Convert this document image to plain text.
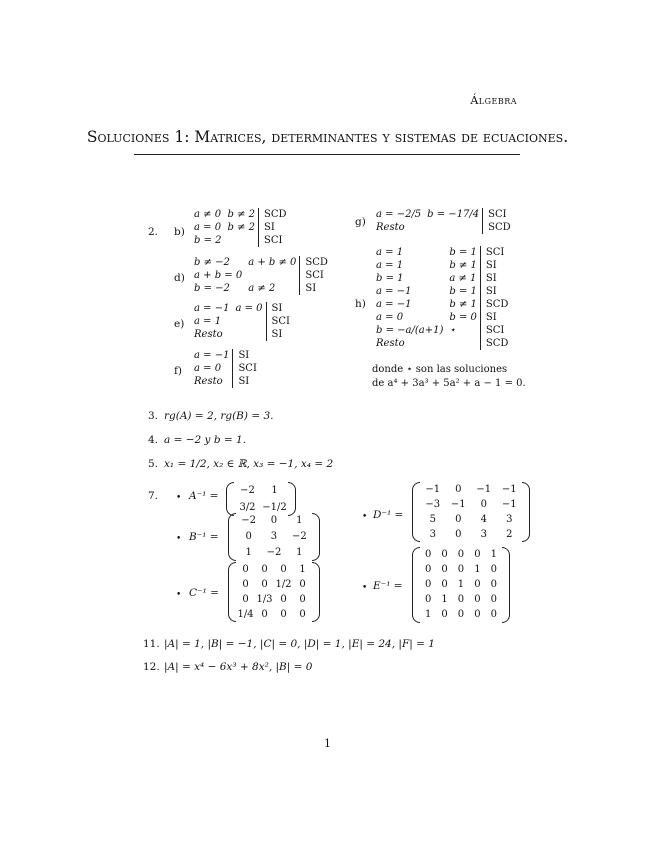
Álgebra
Soluciones 1: Matrices, determinantes y sistemas de ecuaciones.
2. b)
a ≠ 0	b ≠ 2	SCD
a = 0	b ≠ 2	SI
b = 2		SCI
d)
b ≠ −2	a + b ≠ 0	SCD
a + b = 0		SCI
b = −2	a ≠ 2	SI
e)
a = −1	a = 0	SI
a = 1		SCI
Resto		SI
f)
a = −1	SI
a = 0	SCI
Resto	SI
g)
a = −2/5	b = −17/4	SCI
Resto		SCD
h)
a = 1	b = 1	SCI
a = 1	b ≠ 1	SI
b = 1	a ≠ 1	SI
a = −1	b = 1	SI
a = −1	b ≠ 1	SCD
a = 0	b = 0	SI
b = −a/(a+1)	⋆	SCI
Resto		SCD
donde ⋆ son las soluciones
de a⁴ + 3a³ + 5a² + a − 1 = 0.
3. rg(A) = 2, rg(B) = 3.
4. a = −2 y b = 1.
5. x₁ = 1/2, x₂ ∈ ℝ, x₃ = −1, x₄ = 2
7. • A⁻¹ =	−2	1
3/2 −1/2
• B⁻¹ =
−2	0	1
0	3	−2
1	−2	1
• C⁻¹ =
0	0	0	1
0	0 1/2 0
0 1/3 0	0
1/4 0	0	0
• D⁻¹ =
−1	0	−1	−1
−3	−1	0	−1
5	0	4	3
3	0	3	2
• E⁻¹ =
0	0	0	0	1
0	0	0	1	0
0	0	1	0	0
0	1	0	0	0
1	0	0	0	0
11. |A| = 1, |B| = −1, |C| = 0, |D| = 1, |E| = 24, |F| = 1
12. |A| = x⁴ − 6x³ + 8x², |B| = 0
1
